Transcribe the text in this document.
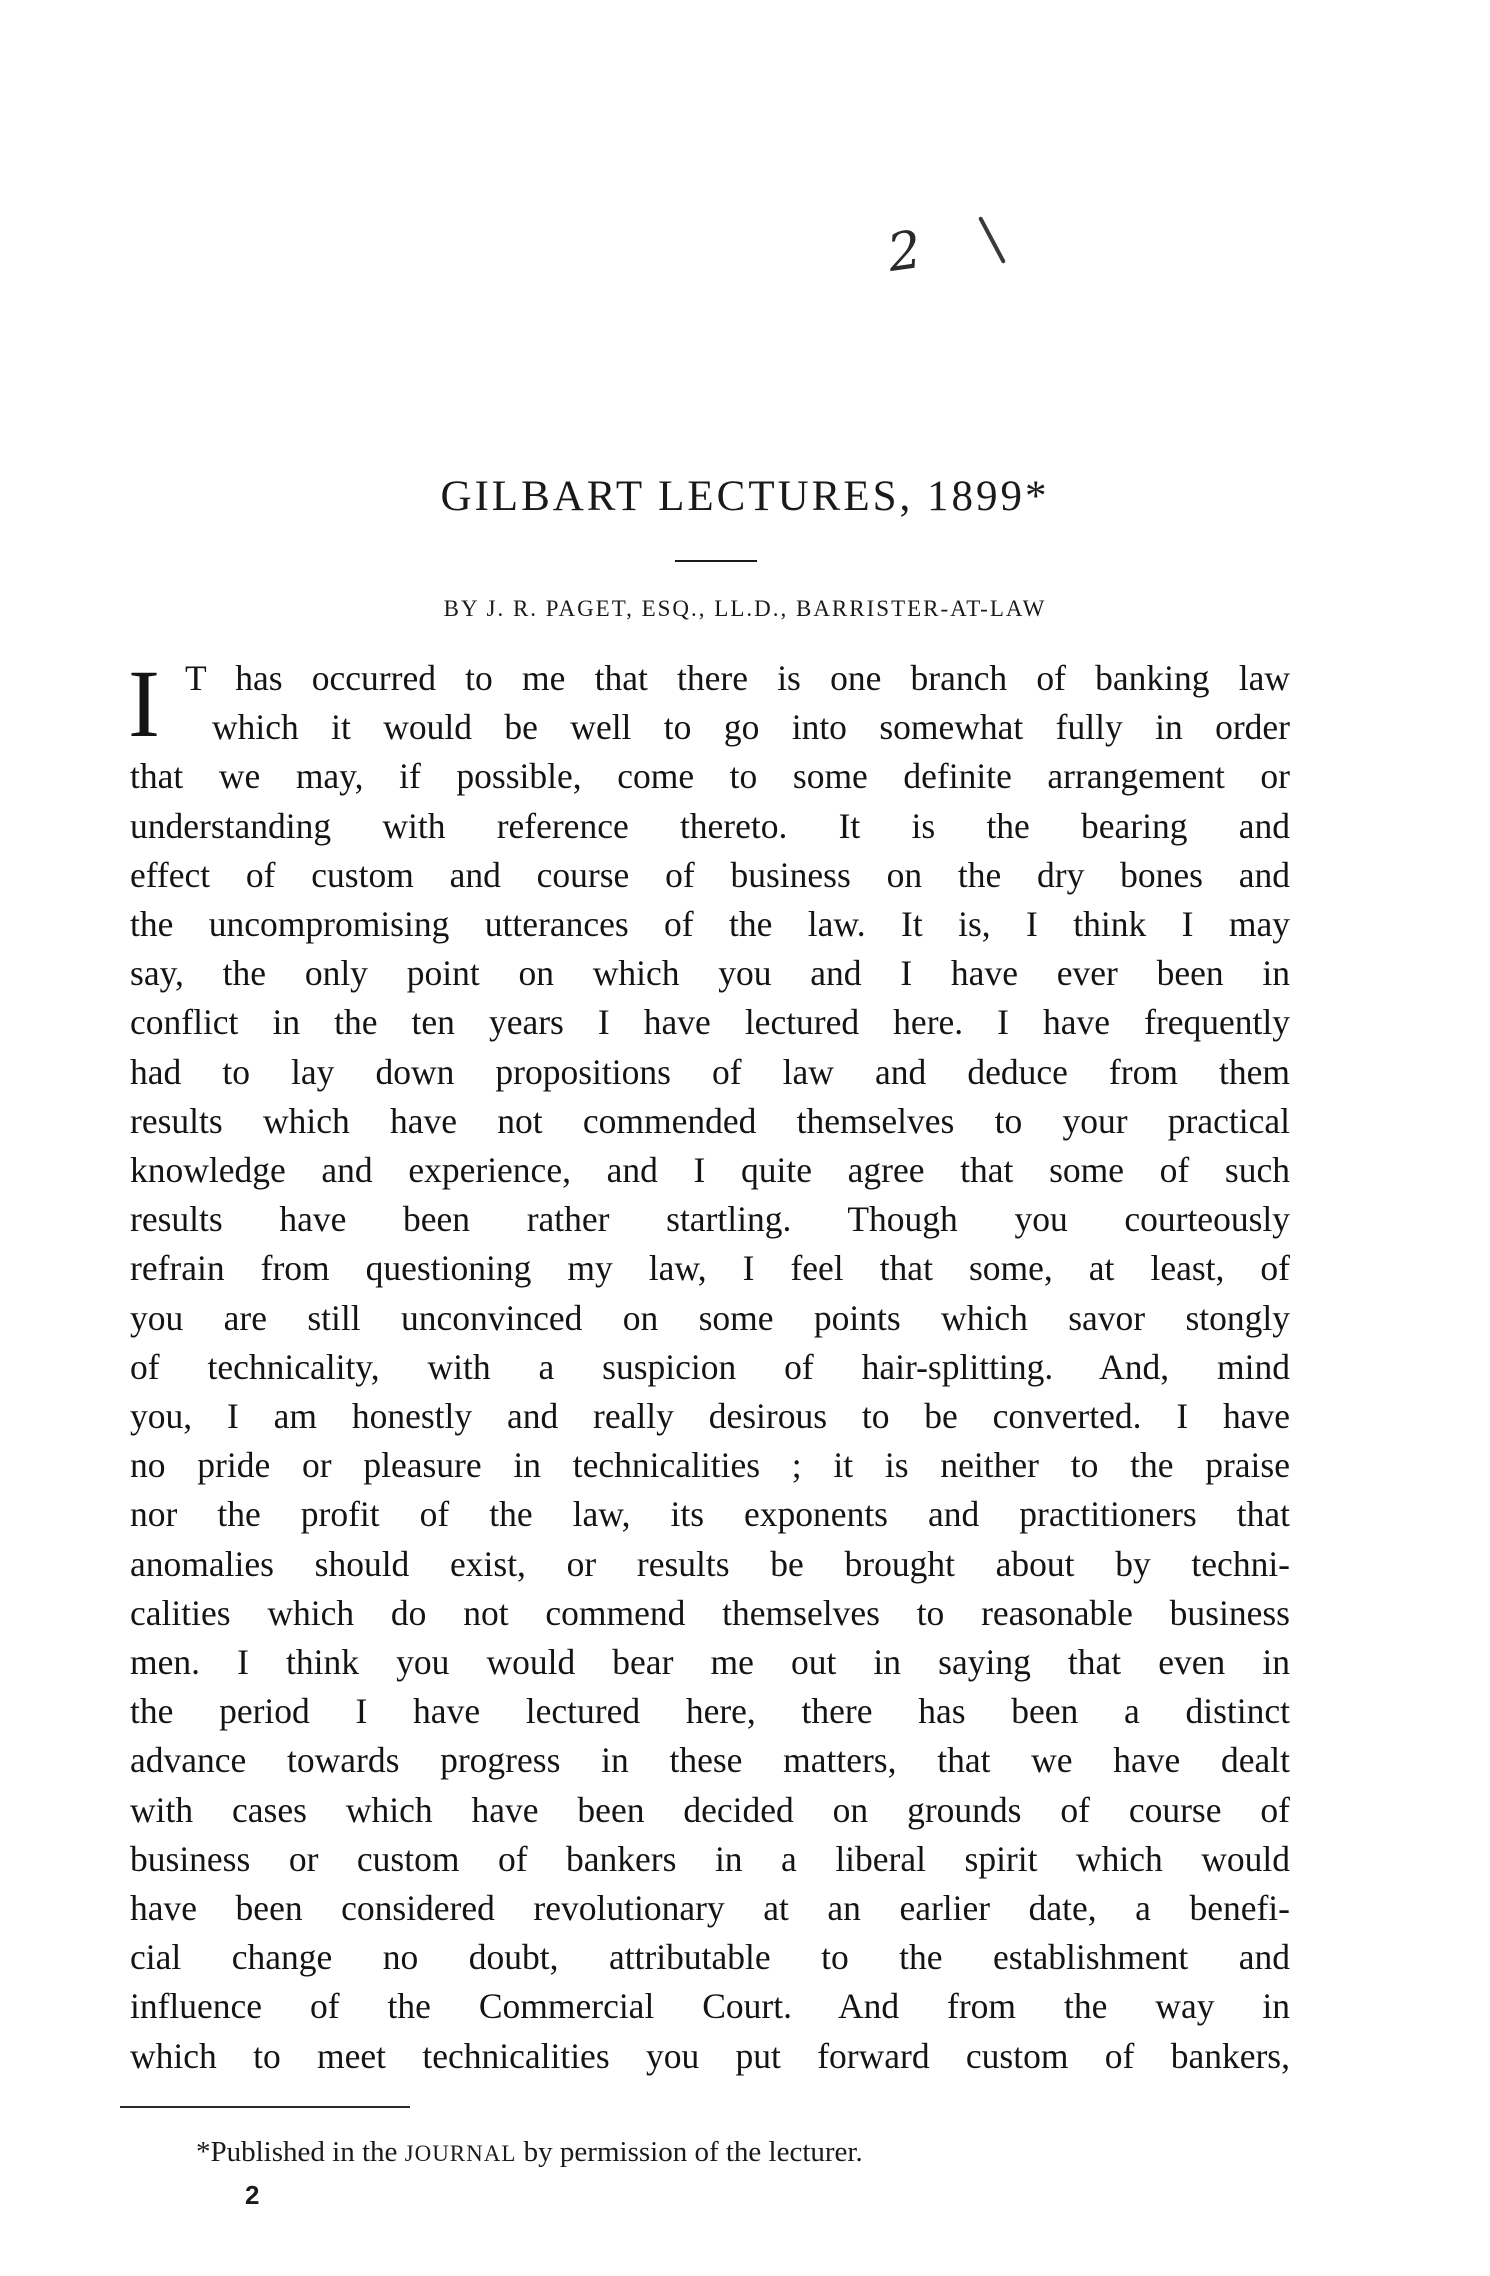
2
GILBART LECTURES, 1899*
BY J. R. PAGET, ESQ., LL.D., BARRISTER-AT-LAW
I T has occurred to me that there is one branch of banking law
which it would be well to go into somewhat fully in order
that we may, if possible, come to some definite arrangement or
understanding with reference thereto. It is the bearing and
effect of custom and course of business on the dry bones and
the uncompromising utterances of the law. It is, I think I may
say, the only point on which you and I have ever been in
conflict in the ten years I have lectured here. I have frequently
had to lay down propositions of law and deduce from them
results which have not commended themselves to your practical
knowledge and experience, and I quite agree that some of such
results have been rather startling. Though you courteously
refrain from questioning my law, I feel that some, at least, of
you are still unconvinced on some points which savor stongly
of technicality, with a suspicion of hair-splitting. And, mind
you, I am honestly and really desirous to be converted. I have
no pride or pleasure in technicalities ; it is neither to the praise
nor the profit of the law, its exponents and practitioners that
anomalies should exist, or results be brought about by techni-
calities which do not commend themselves to reasonable business
men. I think you would bear me out in saying that even in
the period I have lectured here, there has been a distinct
advance towards progress in these matters, that we have dealt
with cases which have been decided on grounds of course of
business or custom of bankers in a liberal spirit which would
have been considered revolutionary at an earlier date, a benefi-
cial change no doubt, attributable to the establishment and
influence of the Commercial Court. And from the way in
which to meet technicalities you put forward custom of bankers,
*Published in the JOURNAL by permission of the lecturer.
2
